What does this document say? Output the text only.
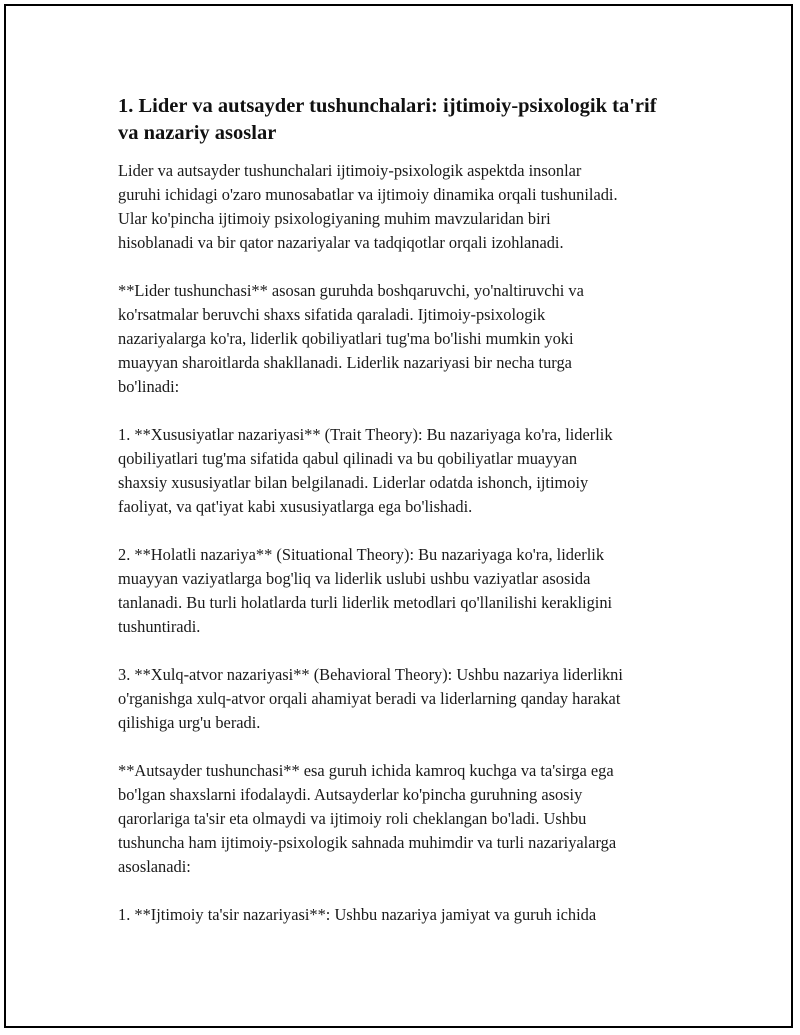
1. Lider va autsayder tushunchalari: ijtimoiy-psixologik ta'rif
va nazariy asoslar

Lider va autsayder tushunchalari ijtimoiy-psixologik aspektda insonlar
guruhi ichidagi o'zaro munosabatlar va ijtimoiy dinamika orqali tushuniladi.
Ular ko'pincha ijtimoiy psixologiyaning muhim mavzularidan biri
hisoblanadi va bir qator nazariyalar va tadqiqotlar orqali izohlanadi.

**Lider tushunchasi** asosan guruhda boshqaruvchi, yo'naltiruvchi va
ko'rsatmalar beruvchi shaxs sifatida qaraladi. Ijtimoiy-psixologik
nazariyalarga ko'ra, liderlik qobiliyatlari tug'ma bo'lishi mumkin yoki
muayyan sharoitlarda shakllanadi. Liderlik nazariyasi bir necha turga
bo'linadi:

1. **Xususiyatlar nazariyasi** (Trait Theory): Bu nazariyaga ko'ra, liderlik
qobiliyatlari tug'ma sifatida qabul qilinadi va bu qobiliyatlar muayyan
shaxsiy xususiyatlar bilan belgilanadi. Liderlar odatda ishonch, ijtimoiy
faoliyat, va qat'iyat kabi xususiyatlarga ega bo'lishadi.

2. **Holatli nazariya** (Situational Theory): Bu nazariyaga ko'ra, liderlik
muayyan vaziyatlarga bog'liq va liderlik uslubi ushbu vaziyatlar asosida
tanlanadi. Bu turli holatlarda turli liderlik metodlari qo'llanilishi kerakligini
tushuntiradi.

3. **Xulq-atvor nazariyasi** (Behavioral Theory): Ushbu nazariya liderlikni
o'rganishga xulq-atvor orqali ahamiyat beradi va liderlarning qanday harakat
qilishiga urg'u beradi.

**Autsayder tushunchasi** esa guruh ichida kamroq kuchga va ta'sirga ega
bo'lgan shaxslarni ifodalaydi. Autsayderlar ko'pincha guruhning asosiy
qarorlariga ta'sir eta olmaydi va ijtimoiy roli cheklangan bo'ladi. Ushbu
tushuncha ham ijtimoiy-psixologik sahnada muhimdir va turli nazariyalarga
asoslanadi:

1. **Ijtimoiy ta'sir nazariyasi**: Ushbu nazariya jamiyat va guruh ichida
